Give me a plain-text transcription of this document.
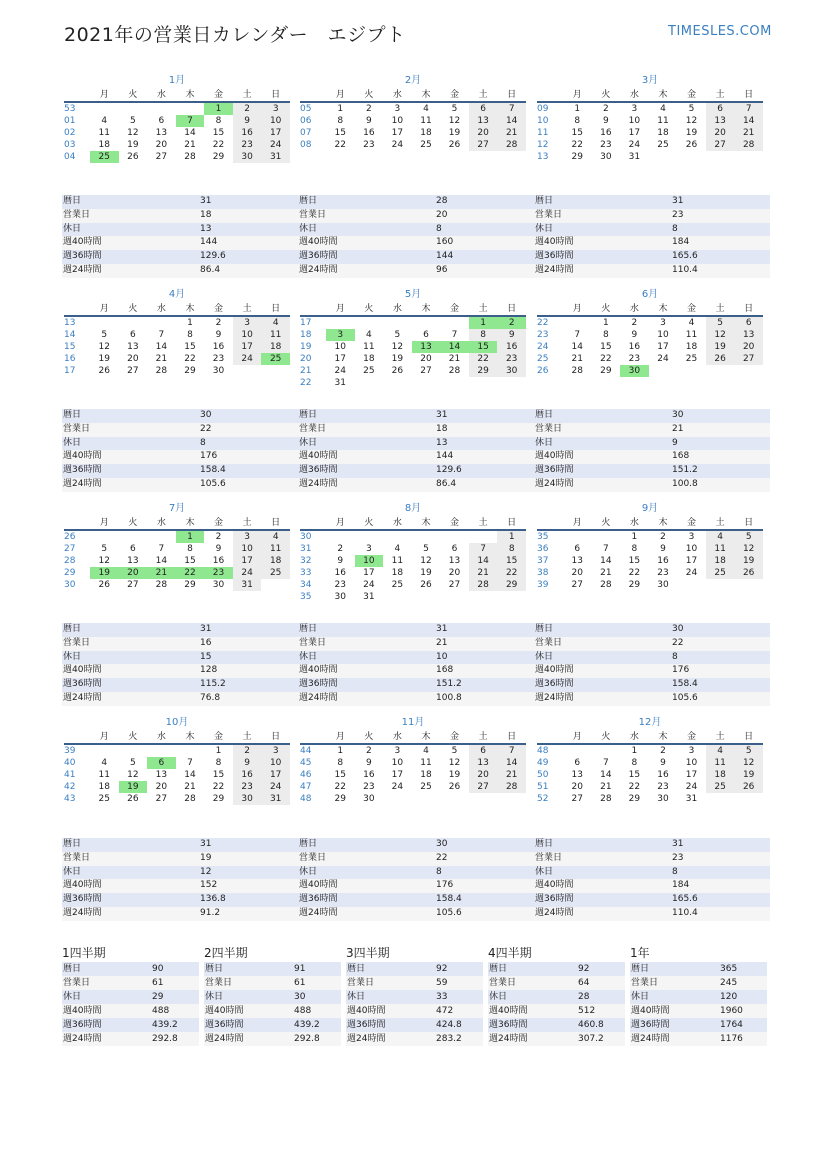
2021年の営業日カレンダー　エジプト	TIMESLES.COM
1月
	月	火	水	木	金	土	日
53					1	2	3
01	4	5	6	7	8	9	10
02	11	12	13	14	15	16	17
03	18	19	20	21	22	23	24
04	25	26	27	28	29	30	31
暦日	31
営業日	18
休日	13
週40時間	144
週36時間	129.6
週24時間	86.4
2月
	月	火	水	木	金	土	日
05	1	2	3	4	5	6	7
06	8	9	10	11	12	13	14
07	15	16	17	18	19	20	21
08	22	23	24	25	26	27	28
暦日	28
営業日	20
休日	8
週40時間	160
週36時間	144
週24時間	96
3月
	月	火	水	木	金	土	日
09	1	2	3	4	5	6	7
10	8	9	10	11	12	13	14
11	15	16	17	18	19	20	21
12	22	23	24	25	26	27	28
13	29	30	31				
暦日	31
営業日	23
休日	8
週40時間	184
週36時間	165.6
週24時間	110.4
4月
	月	火	水	木	金	土	日
13				1	2	3	4
14	5	6	7	8	9	10	11
15	12	13	14	15	16	17	18
16	19	20	21	22	23	24	25
17	26	27	28	29	30		
暦日	30
営業日	22
休日	8
週40時間	176
週36時間	158.4
週24時間	105.6
5月
	月	火	水	木	金	土	日
17						1	2
18	3	4	5	6	7	8	9
19	10	11	12	13	14	15	16
20	17	18	19	20	21	22	23
21	24	25	26	27	28	29	30
22	31						
暦日	31
営業日	18
休日	13
週40時間	144
週36時間	129.6
週24時間	86.4
6月
	月	火	水	木	金	土	日
22		1	2	3	4	5	6
23	7	8	9	10	11	12	13
24	14	15	16	17	18	19	20
25	21	22	23	24	25	26	27
26	28	29	30				
暦日	30
営業日	21
休日	9
週40時間	168
週36時間	151.2
週24時間	100.8
7月
	月	火	水	木	金	土	日
26				1	2	3	4
27	5	6	7	8	9	10	11
28	12	13	14	15	16	17	18
29	19	20	21	22	23	24	25
30	26	27	28	29	30	31	
暦日	31
営業日	16
休日	15
週40時間	128
週36時間	115.2
週24時間	76.8
8月
	月	火	水	木	金	土	日
30							1
31	2	3	4	5	6	7	8
32	9	10	11	12	13	14	15
33	16	17	18	19	20	21	22
34	23	24	25	26	27	28	29
35	30	31					
暦日	31
営業日	21
休日	10
週40時間	168
週36時間	151.2
週24時間	100.8
9月
	月	火	水	木	金	土	日
35			1	2	3	4	5
36	6	7	8	9	10	11	12
37	13	14	15	16	17	18	19
38	20	21	22	23	24	25	26
39	27	28	29	30			
暦日	30
営業日	22
休日	8
週40時間	176
週36時間	158.4
週24時間	105.6
10月
	月	火	水	木	金	土	日
39					1	2	3
40	4	5	6	7	8	9	10
41	11	12	13	14	15	16	17
42	18	19	20	21	22	23	24
43	25	26	27	28	29	30	31
暦日	31
営業日	19
休日	12
週40時間	152
週36時間	136.8
週24時間	91.2
11月
	月	火	水	木	金	土	日
44	1	2	3	4	5	6	7
45	8	9	10	11	12	13	14
46	15	16	17	18	19	20	21
47	22	23	24	25	26	27	28
48	29	30					
暦日	30
営業日	22
休日	8
週40時間	176
週36時間	158.4
週24時間	105.6
12月
	月	火	水	木	金	土	日
48			1	2	3	4	5
49	6	7	8	9	10	11	12
50	13	14	15	16	17	18	19
51	20	21	22	23	24	25	26
52	27	28	29	30	31		
暦日	31
営業日	23
休日	8
週40時間	184
週36時間	165.6
週24時間	110.4
1四半期
暦日	90
営業日	61
休日	29
週40時間	488
週36時間	439.2
週24時間	292.8
2四半期
暦日	91
営業日	61
休日	30
週40時間	488
週36時間	439.2
週24時間	292.8
3四半期
暦日	92
営業日	59
休日	33
週40時間	472
週36時間	424.8
週24時間	283.2
4四半期
暦日	92
営業日	64
休日	28
週40時間	512
週36時間	460.8
週24時間	307.2
1年
暦日	365
営業日	245
休日	120
週40時間	1960
週36時間	1764
週24時間	1176
